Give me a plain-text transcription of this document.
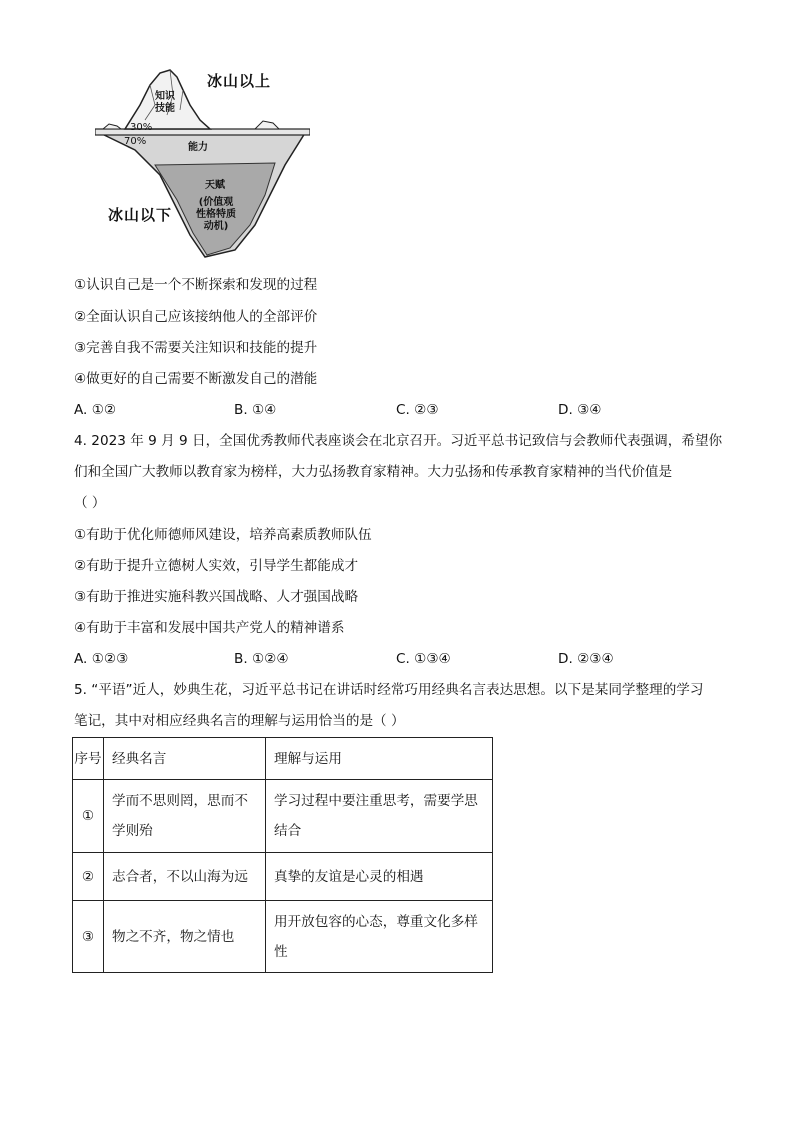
冰山以上
冰山以下
知识
技能
30%
70%
能力
天赋
(价值观
性格特质
动机)
①认识自己是一个不断探索和发现的过程
②全面认识自己应该接纳他人的全部评价
③完善自我不需要关注知识和技能的提升
④做更好的自己需要不断激发自己的潜能
A. ①②	B. ①④	C. ②③	D. ③④
4. 2023 年 9 月 9 日，全国优秀教师代表座谈会在北京召开。习近平总书记致信与会教师代表强调，希望你
们和全国广大教师以教育家为榜样，大力弘扬教育家精神。大力弘扬和传承教育家精神的当代价值是
（ ）
①有助于优化师德师风建设，培养高素质教师队伍
②有助于提升立德树人实效，引导学生都能成才
③有助于推进实施科教兴国战略、人才强国战略
④有助于丰富和发展中国共产党人的精神谱系
A. ①②③	B. ①②④	C. ①③④	D. ②③④
5. “平语”近人，妙典生花，习近平总书记在讲话时经常巧用经典名言表达思想。以下是某同学整理的学习
笔记，其中对相应经典名言的理解与运用恰当的是（ ）
序号	经典名言	理解与运用
①	学而不思则罔，思而不学则殆	学习过程中要注重思考，需要学思结合
②	志合者，不以山海为远	真挚的友谊是心灵的相遇
③	物之不齐，物之情也	用开放包容的心态，尊重文化多样性
